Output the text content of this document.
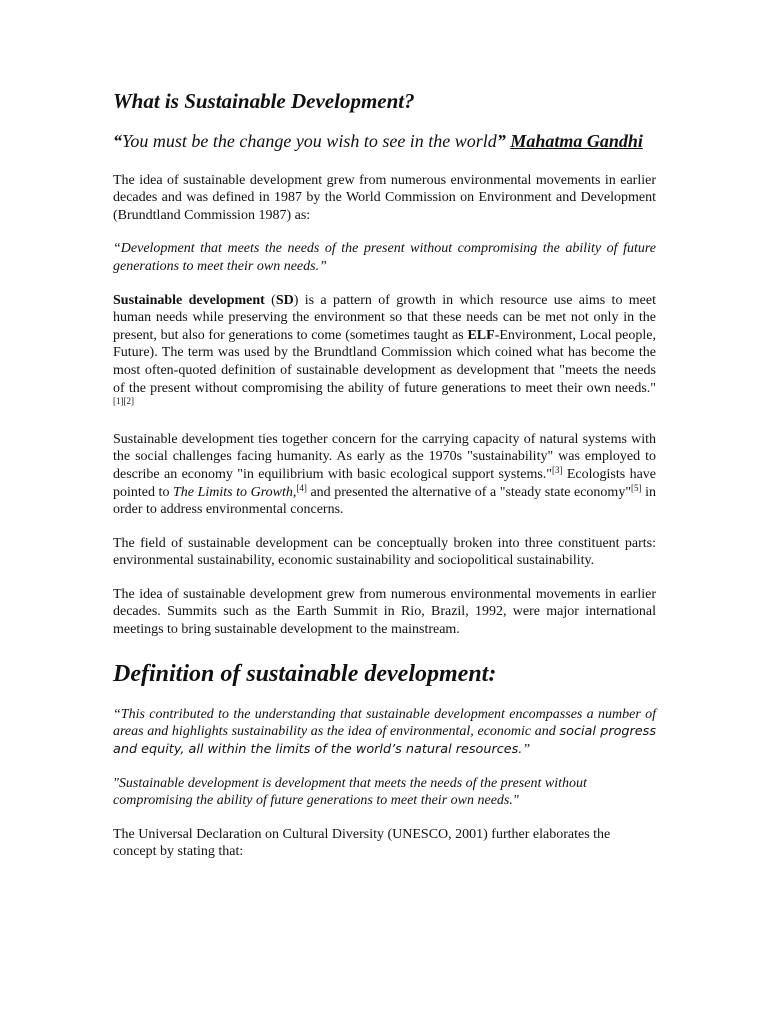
What is Sustainable Development?
“You must be the change you wish to see in the world” Mahatma Gandhi

The idea of sustainable development grew from numerous environmental movements in earlier decades and was defined in 1987 by the World Commission on Environment and Development (Brundtland Commission 1987) as:

“Development that meets the needs of the present without compromising the ability of future generations to meet their own needs.”

Sustainable development (SD) is a pattern of growth in which resource use aims to meet human needs while preserving the environment so that these needs can be met not only in the present, but also for generations to come (sometimes taught as ELF-Environment, Local people, Future). The term was used by the Brundtland Commission which coined what has become the most often-quoted definition of sustainable development as development that "meets the needs of the present without compromising the ability of future generations to meet their own needs."[1][2]

Sustainable development ties together concern for the carrying capacity of natural systems with the social challenges facing humanity. As early as the 1970s "sustainability" was employed to describe an economy "in equilibrium with basic ecological support systems."[3] Ecologists have pointed to The Limits to Growth,[4] and presented the alternative of a "steady state economy"[5] in order to address environmental concerns.

The field of sustainable development can be conceptually broken into three constituent parts: environmental sustainability, economic sustainability and sociopolitical sustainability.

The idea of sustainable development grew from numerous environmental movements in earlier decades. Summits such as the Earth Summit in Rio, Brazil, 1992, were major international meetings to bring sustainable development to the mainstream.

Definition of sustainable development:

“This contributed to the understanding that sustainable development encompasses a number of areas and highlights sustainability as the idea of environmental, economic and social progress and equity, all within the limits of the world’s natural resources.”

"Sustainable development is development that meets the needs of the present without compromising the ability of future generations to meet their own needs."

The Universal Declaration on Cultural Diversity (UNESCO, 2001) further elaborates the concept by stating that:
